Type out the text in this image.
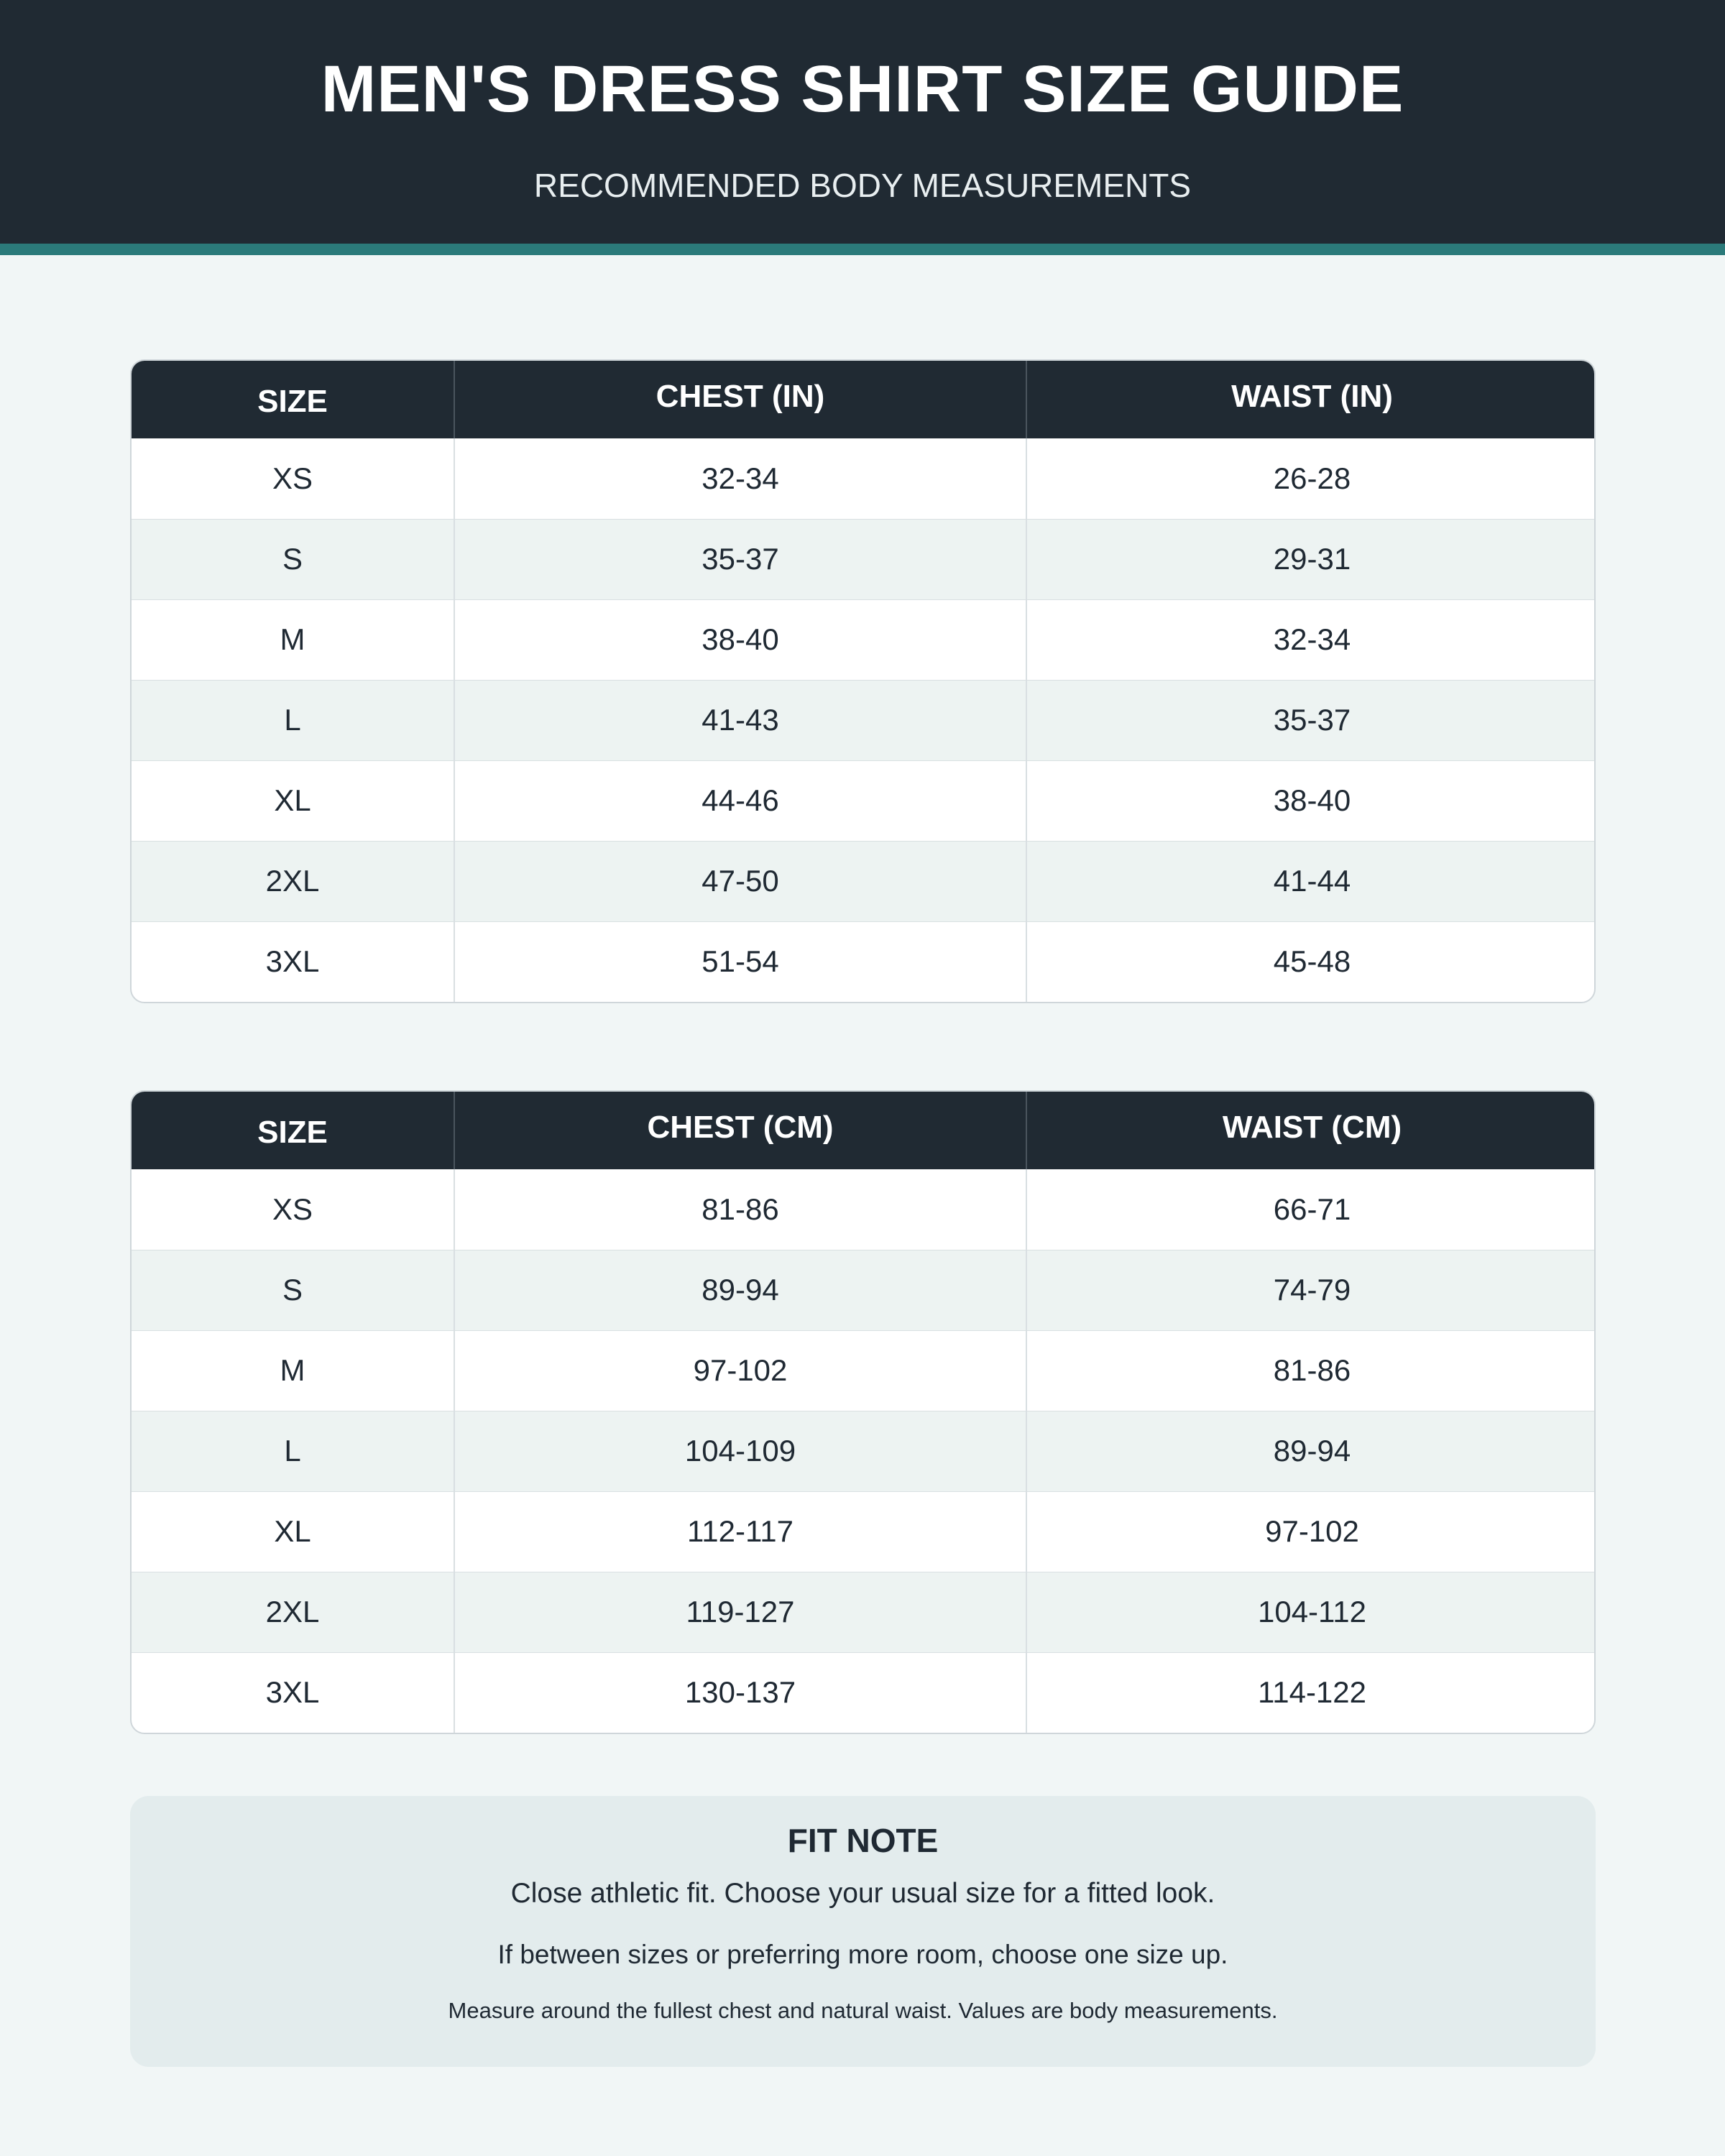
MEN'S DRESS SHIRT SIZE GUIDE
RECOMMENDED BODY MEASUREMENTS
SIZE	CHEST (IN)	WAIST (IN)
XS	32-34	26-28
S	35-37	29-31
M	38-40	32-34
L	41-43	35-37
XL	44-46	38-40
2XL	47-50	41-44
3XL	51-54	45-48
SIZE	CHEST (CM)	WAIST (CM)
XS	81-86	66-71
S	89-94	74-79
M	97-102	81-86
L	104-109	89-94
XL	112-117	97-102
2XL	119-127	104-112
3XL	130-137	114-122
FIT NOTE
Close athletic fit. Choose your usual size for a fitted look.
If between sizes or preferring more room, choose one size up.
Measure around the fullest chest and natural waist. Values are body measurements.
